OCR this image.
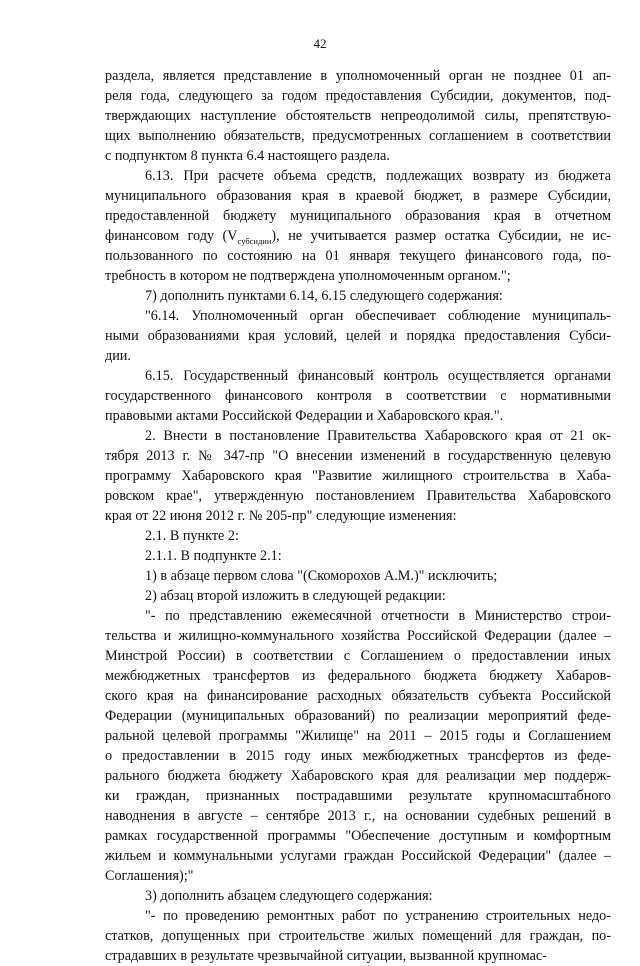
42
раздела, является представление в уполномоченный орган не позднее 01 ап-
реля года, следующего за годом предоставления Субсидии, документов, под-
тверждающих наступление обстоятельств непреодолимой силы, препятствую-
щих выполнению обязательств, предусмотренных соглашением в соответствии
с подпунктом 8 пункта 6.4 настоящего раздела.
6.13. При расчете объема средств, подлежащих возврату из бюджета
муниципального образования края в краевой бюджет, в размере Субсидии,
предоставленной бюджету муниципального образования края в отчетном
финансовом году $(V_{субсидии})$, не учитывается размер остатка Субсидии, не ис-
пользованного по состоянию на 01 января текущего финансового года, по-
требность в котором не подтверждена уполномоченным органом.";
7) дополнить пунктами 6.14, 6.15 следующего содержания:
"6.14. Уполномоченный орган обеспечивает соблюдение муниципаль-
ными образованиями края условий, целей и порядка предоставления Субси-
дии.
6.15. Государственный финансовый контроль осуществляется органами
государственного финансового контроля в соответствии с нормативными
правовыми актами Российской Федерации и Хабаровского края.".
2. Внести в постановление Правительства Хабаровского края от 21 ок-
тября 2013 г. № 347-пр "О внесении изменений в государственную целевую
программу Хабаровского края "Развитие жилищного строительства в Хаба-
ровском крае", утвержденную постановлением Правительства Хабаровского
края от 22 июня 2012 г. № 205-пр" следующие изменения:
2.1. В пункте 2:
2.1.1. В подпункте 2.1:
1) в абзаце первом слова "(Скоморохов А.М.)" исключить;
2) абзац второй изложить в следующей редакции:
"- по представлению ежемесячной отчетности в Министерство строи-
тельства и жилищно-коммунального хозяйства Российской Федерации (далее –
Минстрой России) в соответствии с Соглашением о предоставлении иных
межбюджетных трансфертов из федерального бюджета бюджету Хабаров-
ского края на финансирование расходных обязательств субъекта Российской
Федерации (муниципальных образований) по реализации мероприятий феде-
ральной целевой программы "Жилище" на 2011 – 2015 годы и Соглашением
о предоставлении в 2015 году иных межбюджетных трансфертов из феде-
рального бюджета бюджету Хабаровского края для реализации мер поддерж-
ки граждан, признанных пострадавшими результате крупномасштабного
наводнения в августе – сентябре 2013 г., на основании судебных решений в
рамках государственной программы "Обеспечение доступным и комфортным
жильем и коммунальными услугами граждан Российской Федерации" (далее –
Соглашения);"
3) дополнить абзацем следующего содержания:
"- по проведению ремонтных работ по устранению строительных недо-
статков, допущенных при строительстве жилых помещений для граждан, по-
страдавших в результате чрезвычайной ситуации, вызванной крупномас-
